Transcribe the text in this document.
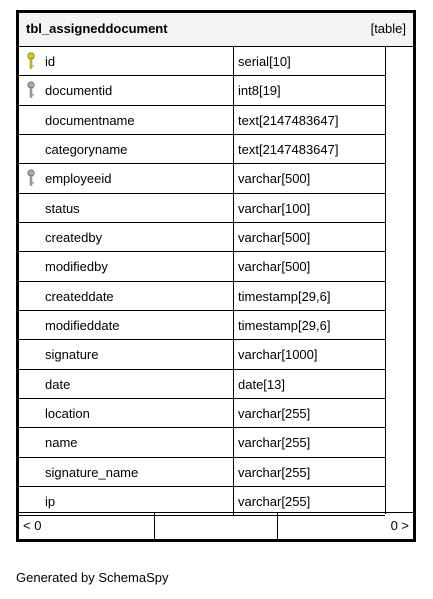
tbl_assigneddocument	[table]
id	serial[10]
documentid	int8[19]
documentname	text[2147483647]
categoryname	text[2147483647]
employeeid	varchar[500]
status	varchar[100]
createdby	varchar[500]
modifiedby	varchar[500]
createddate	timestamp[29,6]
modifieddate	timestamp[29,6]
signature	varchar[1000]
date	date[13]
location	varchar[255]
name	varchar[255]
signature_name	varchar[255]
ip	varchar[255]
< 0	0 >
Generated by SchemaSpy
